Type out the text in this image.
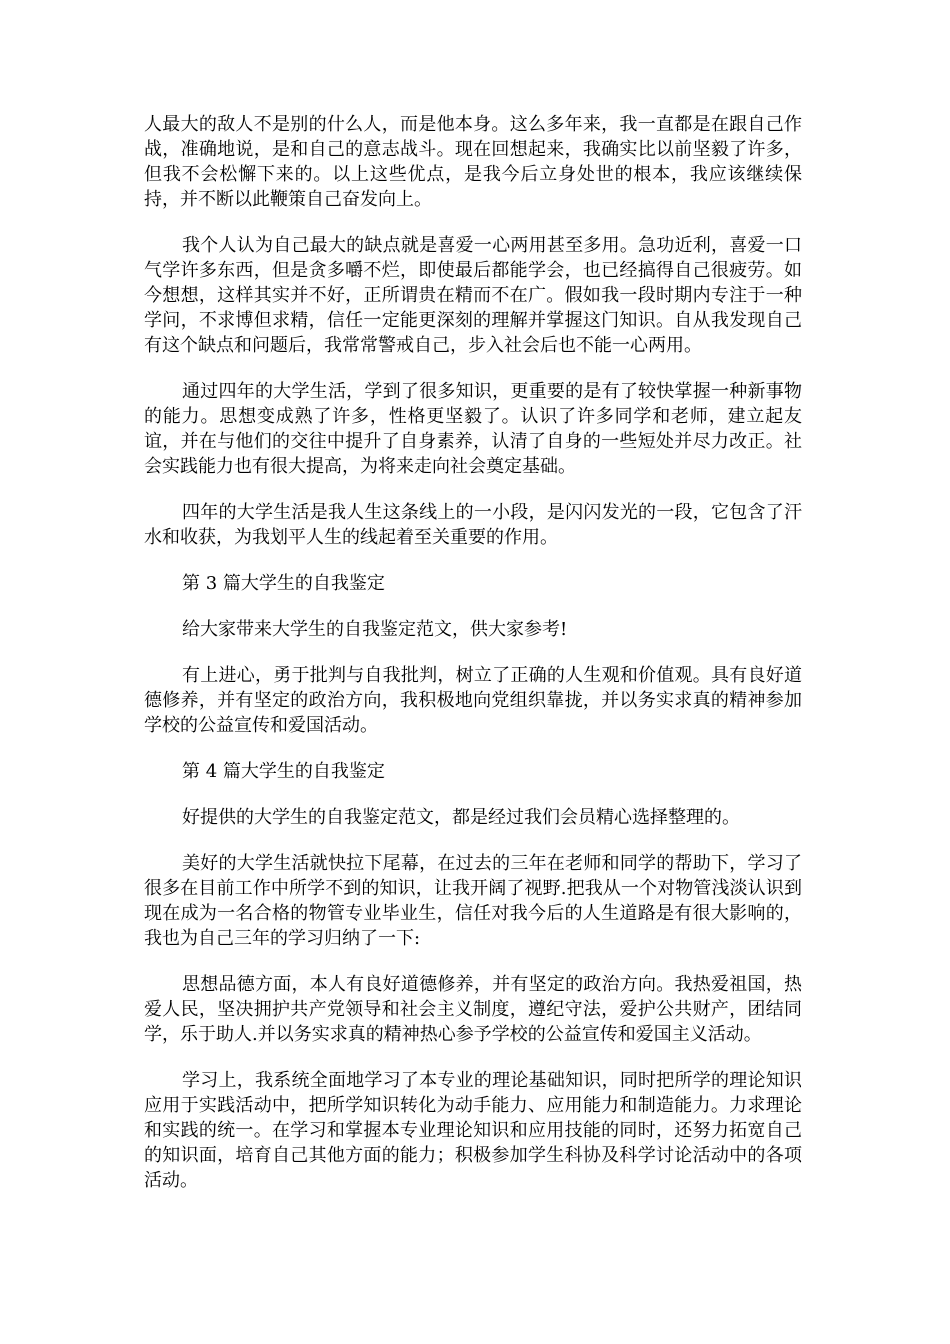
人最大的敌人不是别的什么人，而是他本身。这么多年来，我一直都是在跟自己作战，准确地说，是和自己的意志战斗。现在回想起来，我确实比以前坚毅了许多，但我不会松懈下来的。以上这些优点，是我今后立身处世的根本，我应该继续保持，并不断以此鞭策自己奋发向上。

我个人认为自己最大的缺点就是喜爱一心两用甚至多用。急功近利，喜爱一口气学许多东西，但是贪多嚼不烂，即使最后都能学会，也已经搞得自己很疲劳。如今想想，这样其实并不好，正所谓贵在精而不在广。假如我一段时期内专注于一种学问，不求博但求精，信任一定能更深刻的理解并掌握这门知识。自从我发现自己有这个缺点和问题后，我常常警戒自己，步入社会后也不能一心两用。

通过四年的大学生活，学到了很多知识，更重要的是有了较快掌握一种新事物的能力。思想变成熟了许多，性格更坚毅了。认识了许多同学和老师，建立起友谊，并在与他们的交往中提升了自身素养，认清了自身的一些短处并尽力改正。社会实践能力也有很大提高，为将来走向社会奠定基础。

四年的大学生活是我人生这条线上的一小段，是闪闪发光的一段，它包含了汗水和收获，为我划平人生的线起着至关重要的作用。

第 3 篇大学生的自我鉴定

给大家带来大学生的自我鉴定范文，供大家参考!

有上进心，勇于批判与自我批判，树立了正确的人生观和价值观。具有良好道德修养，并有坚定的政治方向，我积极地向党组织靠拢，并以务实求真的精神参加学校的公益宣传和爱国活动。

第 4 篇大学生的自我鉴定

好提供的大学生的自我鉴定范文，都是经过我们会员精心选择整理的。

美好的大学生活就快拉下尾幕，在过去的三年在老师和同学的帮助下，学习了很多在目前工作中所学不到的知识，让我开阔了视野.把我从一个对物管浅淡认识到现在成为一名合格的物管专业毕业生，信任对我今后的人生道路是有很大影响的，我也为自己三年的学习归纳了一下:

思想品德方面，本人有良好道德修养，并有坚定的政治方向。我热爱祖国，热爱人民，坚决拥护共产党领导和社会主义制度，遵纪守法，爱护公共财产，团结同学，乐于助人.并以务实求真的精神热心参予学校的公益宣传和爱国主义活动。

学习上，我系统全面地学习了本专业的理论基础知识，同时把所学的理论知识应用于实践活动中，把所学知识转化为动手能力、应用能力和制造能力。力求理论和实践的统一。在学习和掌握本专业理论知识和应用技能的同时，还努力拓宽自己的知识面，培育自己其他方面的能力；积极参加学生科协及科学讨论活动中的各项活动。
